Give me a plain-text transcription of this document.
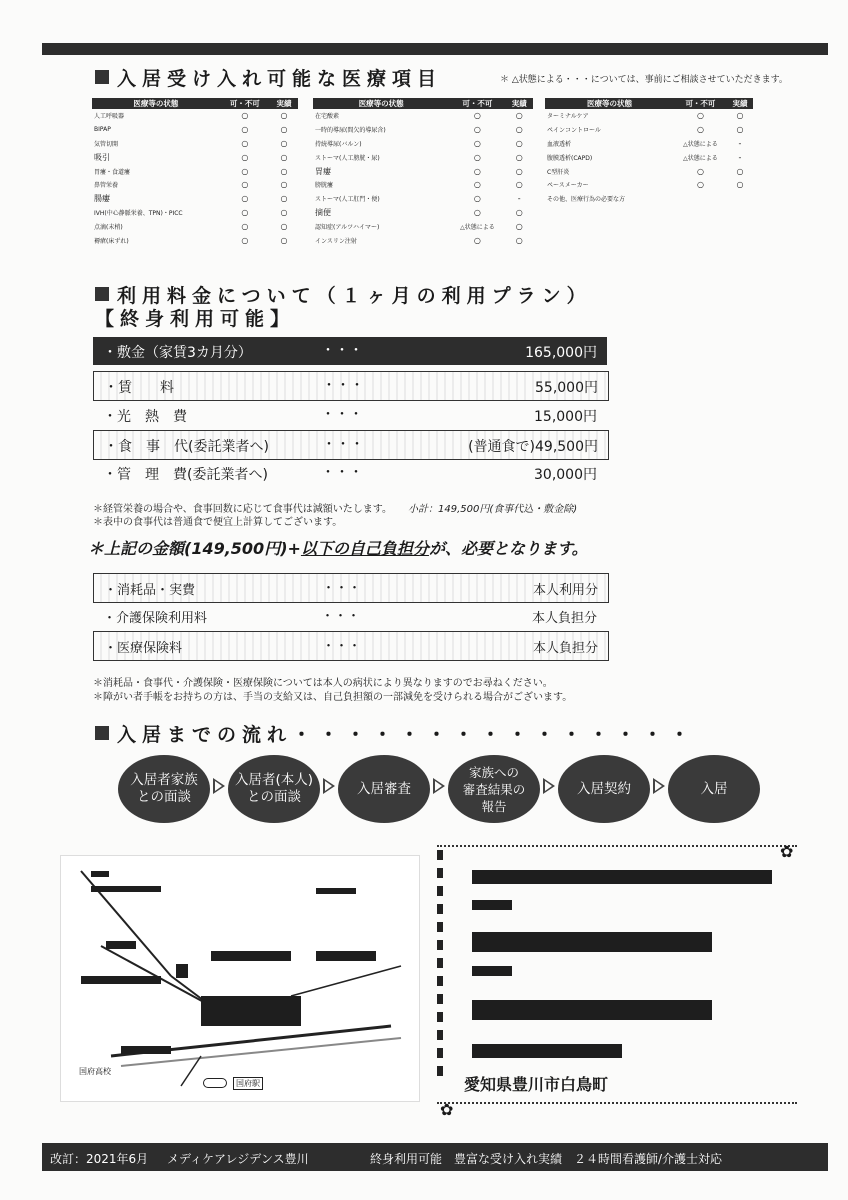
入居受け入れ可能な医療項目	＊ △状態による・・・については、事前にご相談させていただきます。
医療等の状態	可・不可	実績
人工呼吸器	○	○
BIPAP	○	○
気管切開	○	○
吸引	○	○
胃瘻・食道瘻	○	○
鼻管栄養	○	○
腸瘻	○	○
IVH(中心静脈栄養、TPN)・PICC	○	○
点滴(末梢)	○	○
褥瘡(床ずれ)	○	○
医療等の状態	可・不可	実績
在宅酸素	○	○
一時的導尿(間欠的導尿含)	○	○
持続導尿(バルン)	○	○
ストーマ(人工膀胱・尿)	○	○
胃瘻	○	○
膀胱瘻	○	○
ストーマ(人工肛門・便)	○	-
摘便	○	○
認知症(アルツハイマー)	△状態による	○
インスリン注射	○	○
医療等の状態	可・不可	実績
ターミナルケア	○	○
ペインコントロール	○	○
血液透析	△状態による	-
腹膜透析(CAPD)	△状態による	-
C型肝炎	○	○
ペースメーカー	○	○
その他、医療行為の必要な方		
利用料金について（１ヶ月の利用プラン）
【終身利用可能】
・敷金（家賃3カ月分）	・・・	165,000円
・賃　　料	・・・	55,000円
・光　熱　費	・・・	15,000円
・食　事　代(委託業者へ)	・・・	(普通食で)49,500円
・管　理　費(委託業者へ)	・・・	30,000円
＊経管栄養の場合や、食事回数に応じて食事代は減額いたします。 小計：149,500円(食事代込・敷金除)
＊表中の食事代は普通食で便宜上計算してございます。
＊上記の金額(149,500円)+以下の自己負担分が、必要となります。
・消耗品・実費	・・・	本人利用分
・介護保険利用料	・・・	本人負担分
・医療保険料	・・・	本人負担分
＊消耗品・食事代・介護保険・医療保険については本人の病状により異なりますのでお尋ねください。
＊障がい者手帳をお持ちの方は、手当の支給又は、自己負担額の一部減免を受けられる場合がございます。
入居までの流れ・・・・・・・・・・・・・・・
入居者家族
との面談
入居者(本人)
との面談
入居審査
家族への
審査結果の
報告
入居契約	入居
国府高校
国府駅
✿
✿
愛知県豊川市白鳥町
改訂：2021年6月 メディケアレジデンス豊川	終身利用可能　豊富な受け入れ実績　２４時間看護師/介護士対応
